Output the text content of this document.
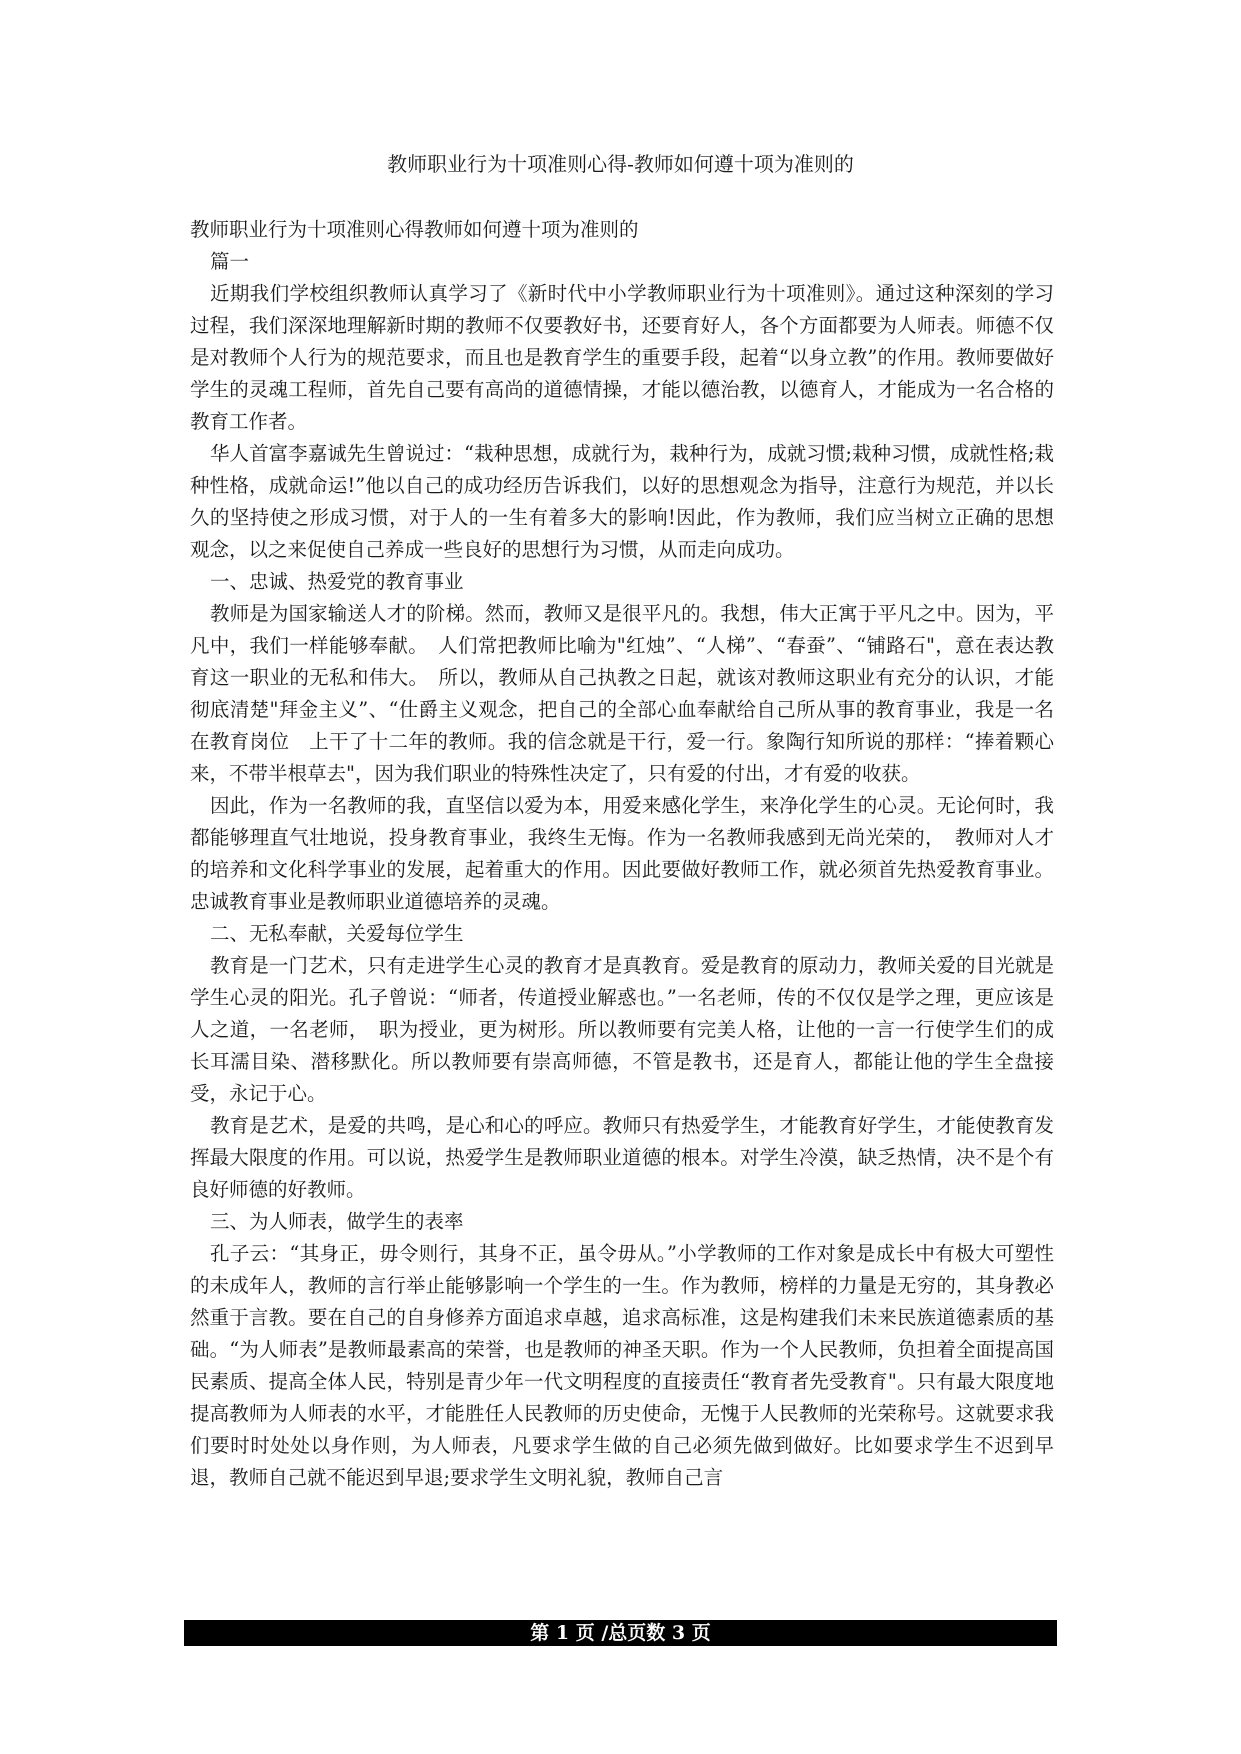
教师职业行为十项准则心得-教师如何遵十项为准则的

教师职业行为十项准则心得教师如何遵十项为准则的

篇一

近期我们学校组织教师认真学习了《新时代中小学教师职业行为十项准则》。通过这种深刻的学习过程，我们深深地理解新时期的教师不仅要教好书，还要育好人，各个方面都要为人师表。师德不仅是对教师个人行为的规范要求，而且也是教育学生的重要手段，起着“以身立教”的作用。教师要做好学生的灵魂工程师，首先自己要有高尚的道德情操，才能以德治教，以德育人，才能成为一名合格的教育工作者。

华人首富李嘉诚先生曾说过：“栽种思想，成就行为，栽种行为，成就习惯;栽种习惯，成就性格;栽种性格，成就命运!”他以自己的成功经历告诉我们，以好的思想观念为指导，注意行为规范，并以长久的坚持使之形成习惯，对于人的一生有着多大的影响!因此，作为教师，我们应当树立正确的思想观念，以之来促使自己养成一些良好的思想行为习惯，从而走向成功。

一、忠诚、热爱党的教育事业

教师是为国家输送人才的阶梯。然而，教师又是很平凡的。我想，伟大正寓于平凡之中。因为，平凡中，我们一样能够奉献。　人们常把教师比喻为"红烛”、“人梯”、“春蚕”、“铺路石"，意在表达教育这一职业的无私和伟大。　所以，教师从自己执教之日起，就该对教师这职业有充分的认识，才能彻底清楚"拜金主义”、“仕爵主义观念，把自己的全部心血奉献给自己所从事的教育事业，我是一名在教育岗位　上干了十二年的教师。我的信念就是干行，爱一行。象陶行知所说的那样：“捧着颗心来，不带半根草去"，因为我们职业的特殊性决定了，只有爱的付出，才有爱的收获。

因此，作为一名教师的我，直坚信以爱为本，用爱来感化学生，来净化学生的心灵。无论何时，我都能够理直气壮地说，投身教育事业，我终生无悔。作为一名教师我感到无尚光荣的，　教师对人才的培养和文化科学事业的发展，起着重大的作用。因此要做好教师工作，就必须首先热爱教育事业。忠诚教育事业是教师职业道德培养的灵魂。

二、无私奉献，关爱每位学生

教育是一门艺术，只有走进学生心灵的教育才是真教育。爱是教育的原动力，教师关爱的目光就是学生心灵的阳光。孔子曾说：“师者，传道授业解惑也。”一名老师，传的不仅仅是学之理，更应该是人之道，一名老师，　职为授业，更为树形。所以教师要有完美人格，让他的一言一行使学生们的成长耳濡目染、潜移默化。所以教师要有崇高师德，不管是教书，还是育人，都能让他的学生全盘接受，永记于心。

教育是艺术，是爱的共鸣，是心和心的呼应。教师只有热爱学生，才能教育好学生，才能使教育发挥最大限度的作用。可以说，热爱学生是教师职业道德的根本。对学生冷漠，缺乏热情，决不是个有良好师德的好教师。

三、为人师表，做学生的表率

孔子云：“其身正，毋令则行，其身不正，虽令毋从。”小学教师的工作对象是成长中有极大可塑性的未成年人，教师的言行举止能够影响一个学生的一生。作为教师，榜样的力量是无穷的，其身教必然重于言教。要在自己的自身修养方面追求卓越，追求高标准，这是构建我们未来民族道德素质的基础。“为人师表”是教师最素高的荣誉，也是教师的神圣天职。作为一个人民教师，负担着全面提高国民素质、提高全体人民，特别是青少年一代文明程度的直接责任“教育者先受教育"。只有最大限度地提高教师为人师表的水平，才能胜任人民教师的历史使命，无愧于人民教师的光荣称号。这就要求我们要时时处处以身作则，为人师表，凡要求学生做的自己必须先做到做好。比如要求学生不迟到早退，教师自己就不能迟到早退;要求学生文明礼貌，教师自己言

第 1 页 /总页数 3 页
